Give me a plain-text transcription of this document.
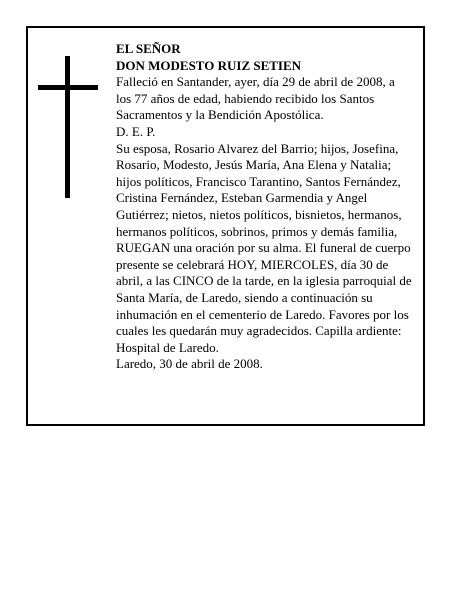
EL SEÑOR

DON MODESTO RUIZ SETIEN

Falleció en Santander, ayer, día 29 de abril de 2008, a los 77 años de edad, habiendo recibido los Santos Sacramentos y la Bendición Apostólica.

D. E. P.

Su esposa, Rosario Alvarez del Barrio; hijos, Josefina, Rosario, Modesto, Jesús María, Ana Elena y Natalia; hijos políticos, Francisco Tarantino, Santos Fernández, Cristina Fernández, Esteban Garmendia y Angel Gutiérrez; nietos, nietos políticos, bisnietos, hermanos, hermanos políticos, sobrinos, primos y demás familia, RUEGAN una oración por su alma. El funeral de cuerpo presente se celebrará HOY, MIERCOLES, día 30 de abril, a las CINCO de la tarde, en la iglesia parroquial de Santa María, de Laredo, siendo a continuación su inhumación en el cementerio de Laredo. Favores por los cuales les quedarán muy agradecidos. Capilla ardiente: Hospital de Laredo.

Laredo, 30 de abril de 2008.
